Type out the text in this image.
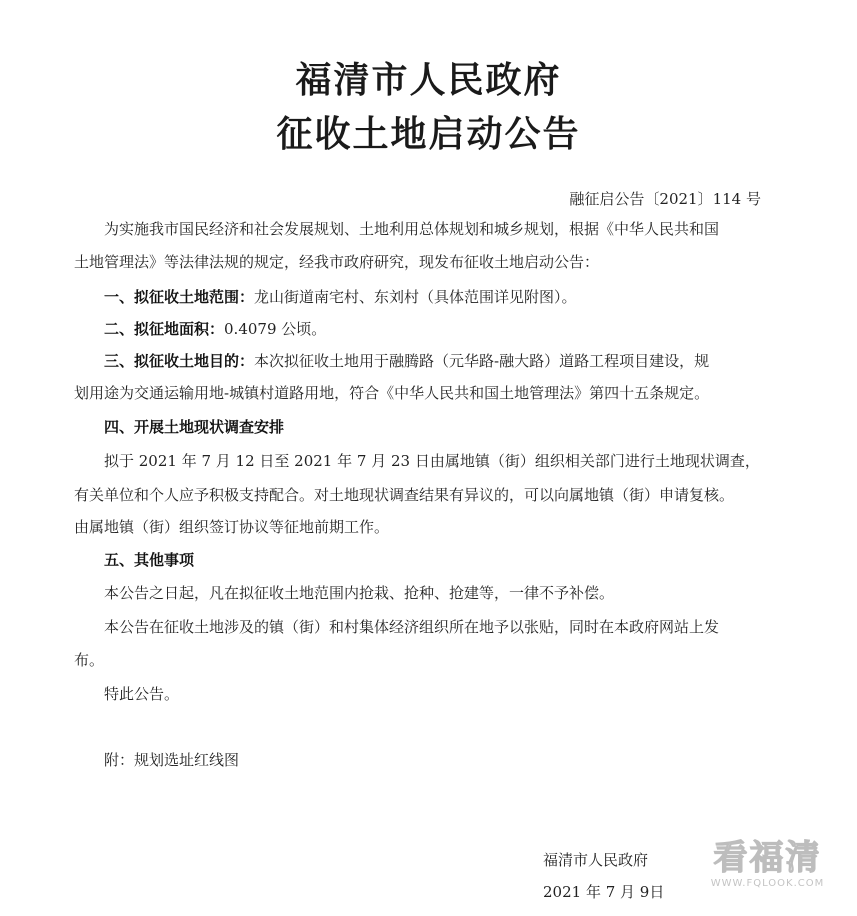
福清市人民政府
征收土地启动公告
融征启公告〔2021〕114 号
为实施我市国民经济和社会发展规划、土地利用总体规划和城乡规划，根据《中华人民共和国
土地管理法》等法律法规的规定，经我市政府研究，现发布征收土地启动公告：
一、拟征收土地范围：龙山街道南宅村、东刘村（具体范围详见附图）。
二、拟征地面积：0.4079 公顷。
三、拟征收土地目的：本次拟征收土地用于融腾路（元华路-融大路）道路工程项目建设，规
划用途为交通运输用地-城镇村道路用地，符合《中华人民共和国土地管理法》第四十五条规定。
四、开展土地现状调查安排
拟于 2021 年 7 月 12 日至 2021 年 7 月 23 日由属地镇（街）组织相关部门进行土地现状调查，
有关单位和个人应予积极支持配合。对土地现状调查结果有异议的，可以向属地镇（街）申请复核。
由属地镇（街）组织签订协议等征地前期工作。
五、其他事项
本公告之日起，凡在拟征收土地范围内抢栽、抢种、抢建等，一律不予补偿。
本公告在征收土地涉及的镇（街）和村集体经济组织所在地予以张贴，同时在本政府网站上发
布。
特此公告。
附：规划选址红线图
福清市人民政府
2021 年 7 月 9日
看福清
WWW.FQLOOK.COM
